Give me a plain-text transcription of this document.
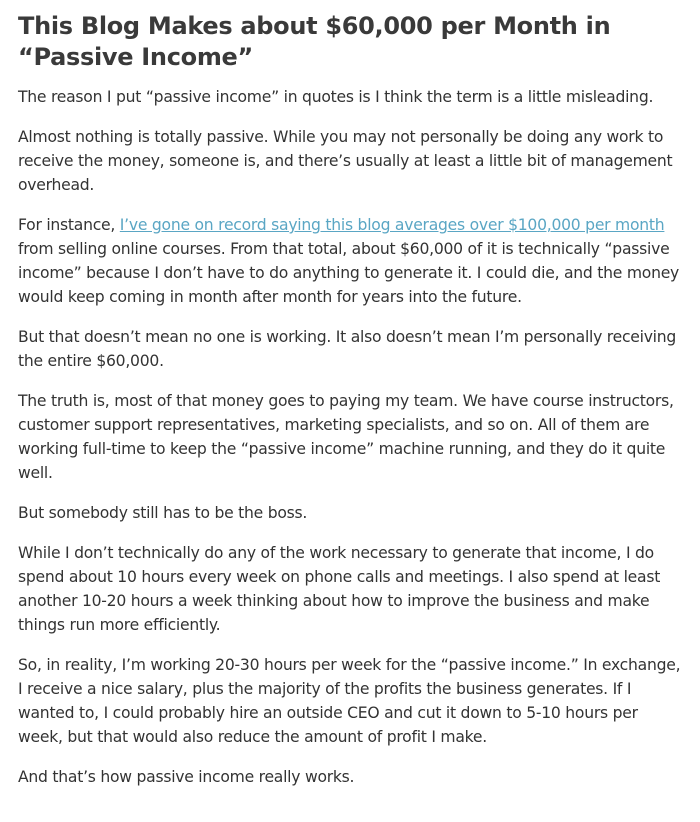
This Blog Makes about $60,000 per Month in “Passive Income”

The reason I put “passive income” in quotes is I think the term is a little misleading.

Almost nothing is totally passive. While you may not personally be doing any work to receive the money, someone is, and there’s usually at least a little bit of management overhead.

For instance, I’ve gone on record saying this blog averages over $100,000 per month from selling online courses. From that total, about $60,000 of it is technically “passive income” because I don’t have to do anything to generate it. I could die, and the money would keep coming in month after month for years into the future.

But that doesn’t mean no one is working. It also doesn’t mean I’m personally receiving the entire $60,000.

The truth is, most of that money goes to paying my team. We have course instructors, customer support representatives, marketing specialists, and so on. All of them are working full-time to keep the “passive income” machine running, and they do it quite well.

But somebody still has to be the boss.

While I don’t technically do any of the work necessary to generate that income, I do spend about 10 hours every week on phone calls and meetings. I also spend at least another 10-20 hours a week thinking about how to improve the business and make things run more efficiently.

So, in reality, I’m working 20-30 hours per week for the “passive income.” In exchange, I receive a nice salary, plus the majority of the profits the business generates. If I wanted to, I could probably hire an outside CEO and cut it down to 5-10 hours per week, but that would also reduce the amount of profit I make.

And that’s how passive income really works.
